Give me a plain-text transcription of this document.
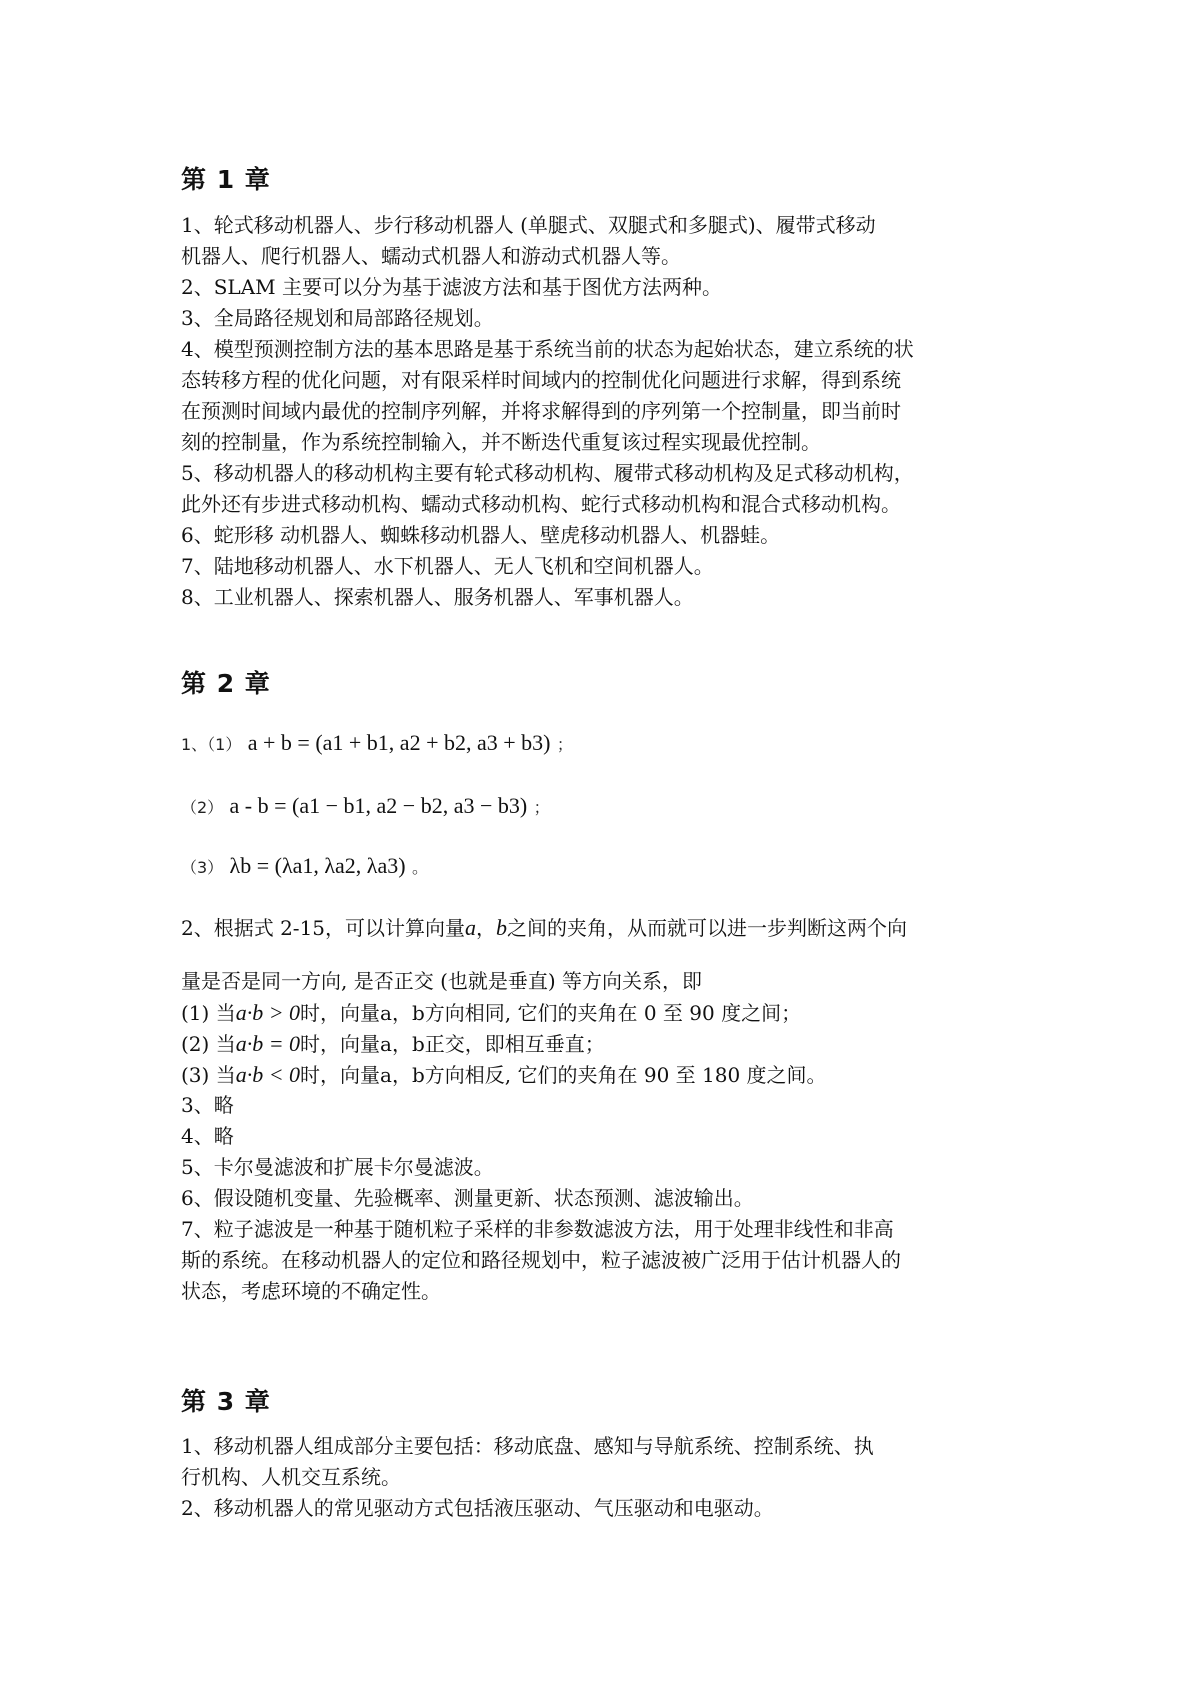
第 1 章
1、轮式移动机器人、步行移动机器人 (单腿式、双腿式和多腿式)、履带式移动
机器人、爬行机器人、蠕动式机器人和游动式机器人等。
2、SLAM 主要可以分为基于滤波方法和基于图优方法两种。
3、全局路径规划和局部路径规划。
4、模型预测控制方法的基本思路是基于系统当前的状态为起始状态，建立系统的状
态转移方程的优化问题，对有限采样时间域内的控制优化问题进行求解，得到系统
在预测时间域内最优的控制序列解，并将求解得到的序列第一个控制量，即当前时
刻的控制量，作为系统控制输入，并不断迭代重复该过程实现最优控制。
5、移动机器人的移动机构主要有轮式移动机构、履带式移动机构及足式移动机构，
此外还有步进式移动机构、蠕动式移动机构、蛇行式移动机构和混合式移动机构。
6、蛇形移 动机器人、蜘蛛移动机器人、壁虎移动机器人、机器蛙。
7、陆地移动机器人、水下机器人、无人飞机和空间机器人。
8、工业机器人、探索机器人、服务机器人、军事机器人。
第 2 章
1、（1） a + b = (a1 + b1, a2 + b2, a3 + b3) ；
（2） a - b = (a1 − b1, a2 − b2, a3 − b3) ；
（3） λb = (λa1, λa2, λa3) 。
2、根据式 2-15，可以计算向量a，b之间的夹角，从而就可以进一步判断这两个向
量是否是同一方向, 是否正交 (也就是垂直) 等方向关系，即
(1) 当a·b > 0时，向量a，b方向相同, 它们的夹角在 0 至 90 度之间；
(2) 当a·b = 0时，向量a，b正交，即相互垂直；
(3) 当a·b < 0时，向量a，b方向相反, 它们的夹角在 90 至 180 度之间。
3、略
4、略
5、卡尔曼滤波和扩展卡尔曼滤波。
6、假设随机变量、先验概率、测量更新、状态预测、滤波输出。
7、粒子滤波是一种基于随机粒子采样的非参数滤波方法，用于处理非线性和非高
斯的系统。在移动机器人的定位和路径规划中，粒子滤波被广泛用于估计机器人的
状态，考虑环境的不确定性。
第 3 章
1、移动机器人组成部分主要包括：移动底盘、感知与导航系统、控制系统、执
行机构、人机交互系统。
2、移动机器人的常见驱动方式包括液压驱动、气压驱动和电驱动。
